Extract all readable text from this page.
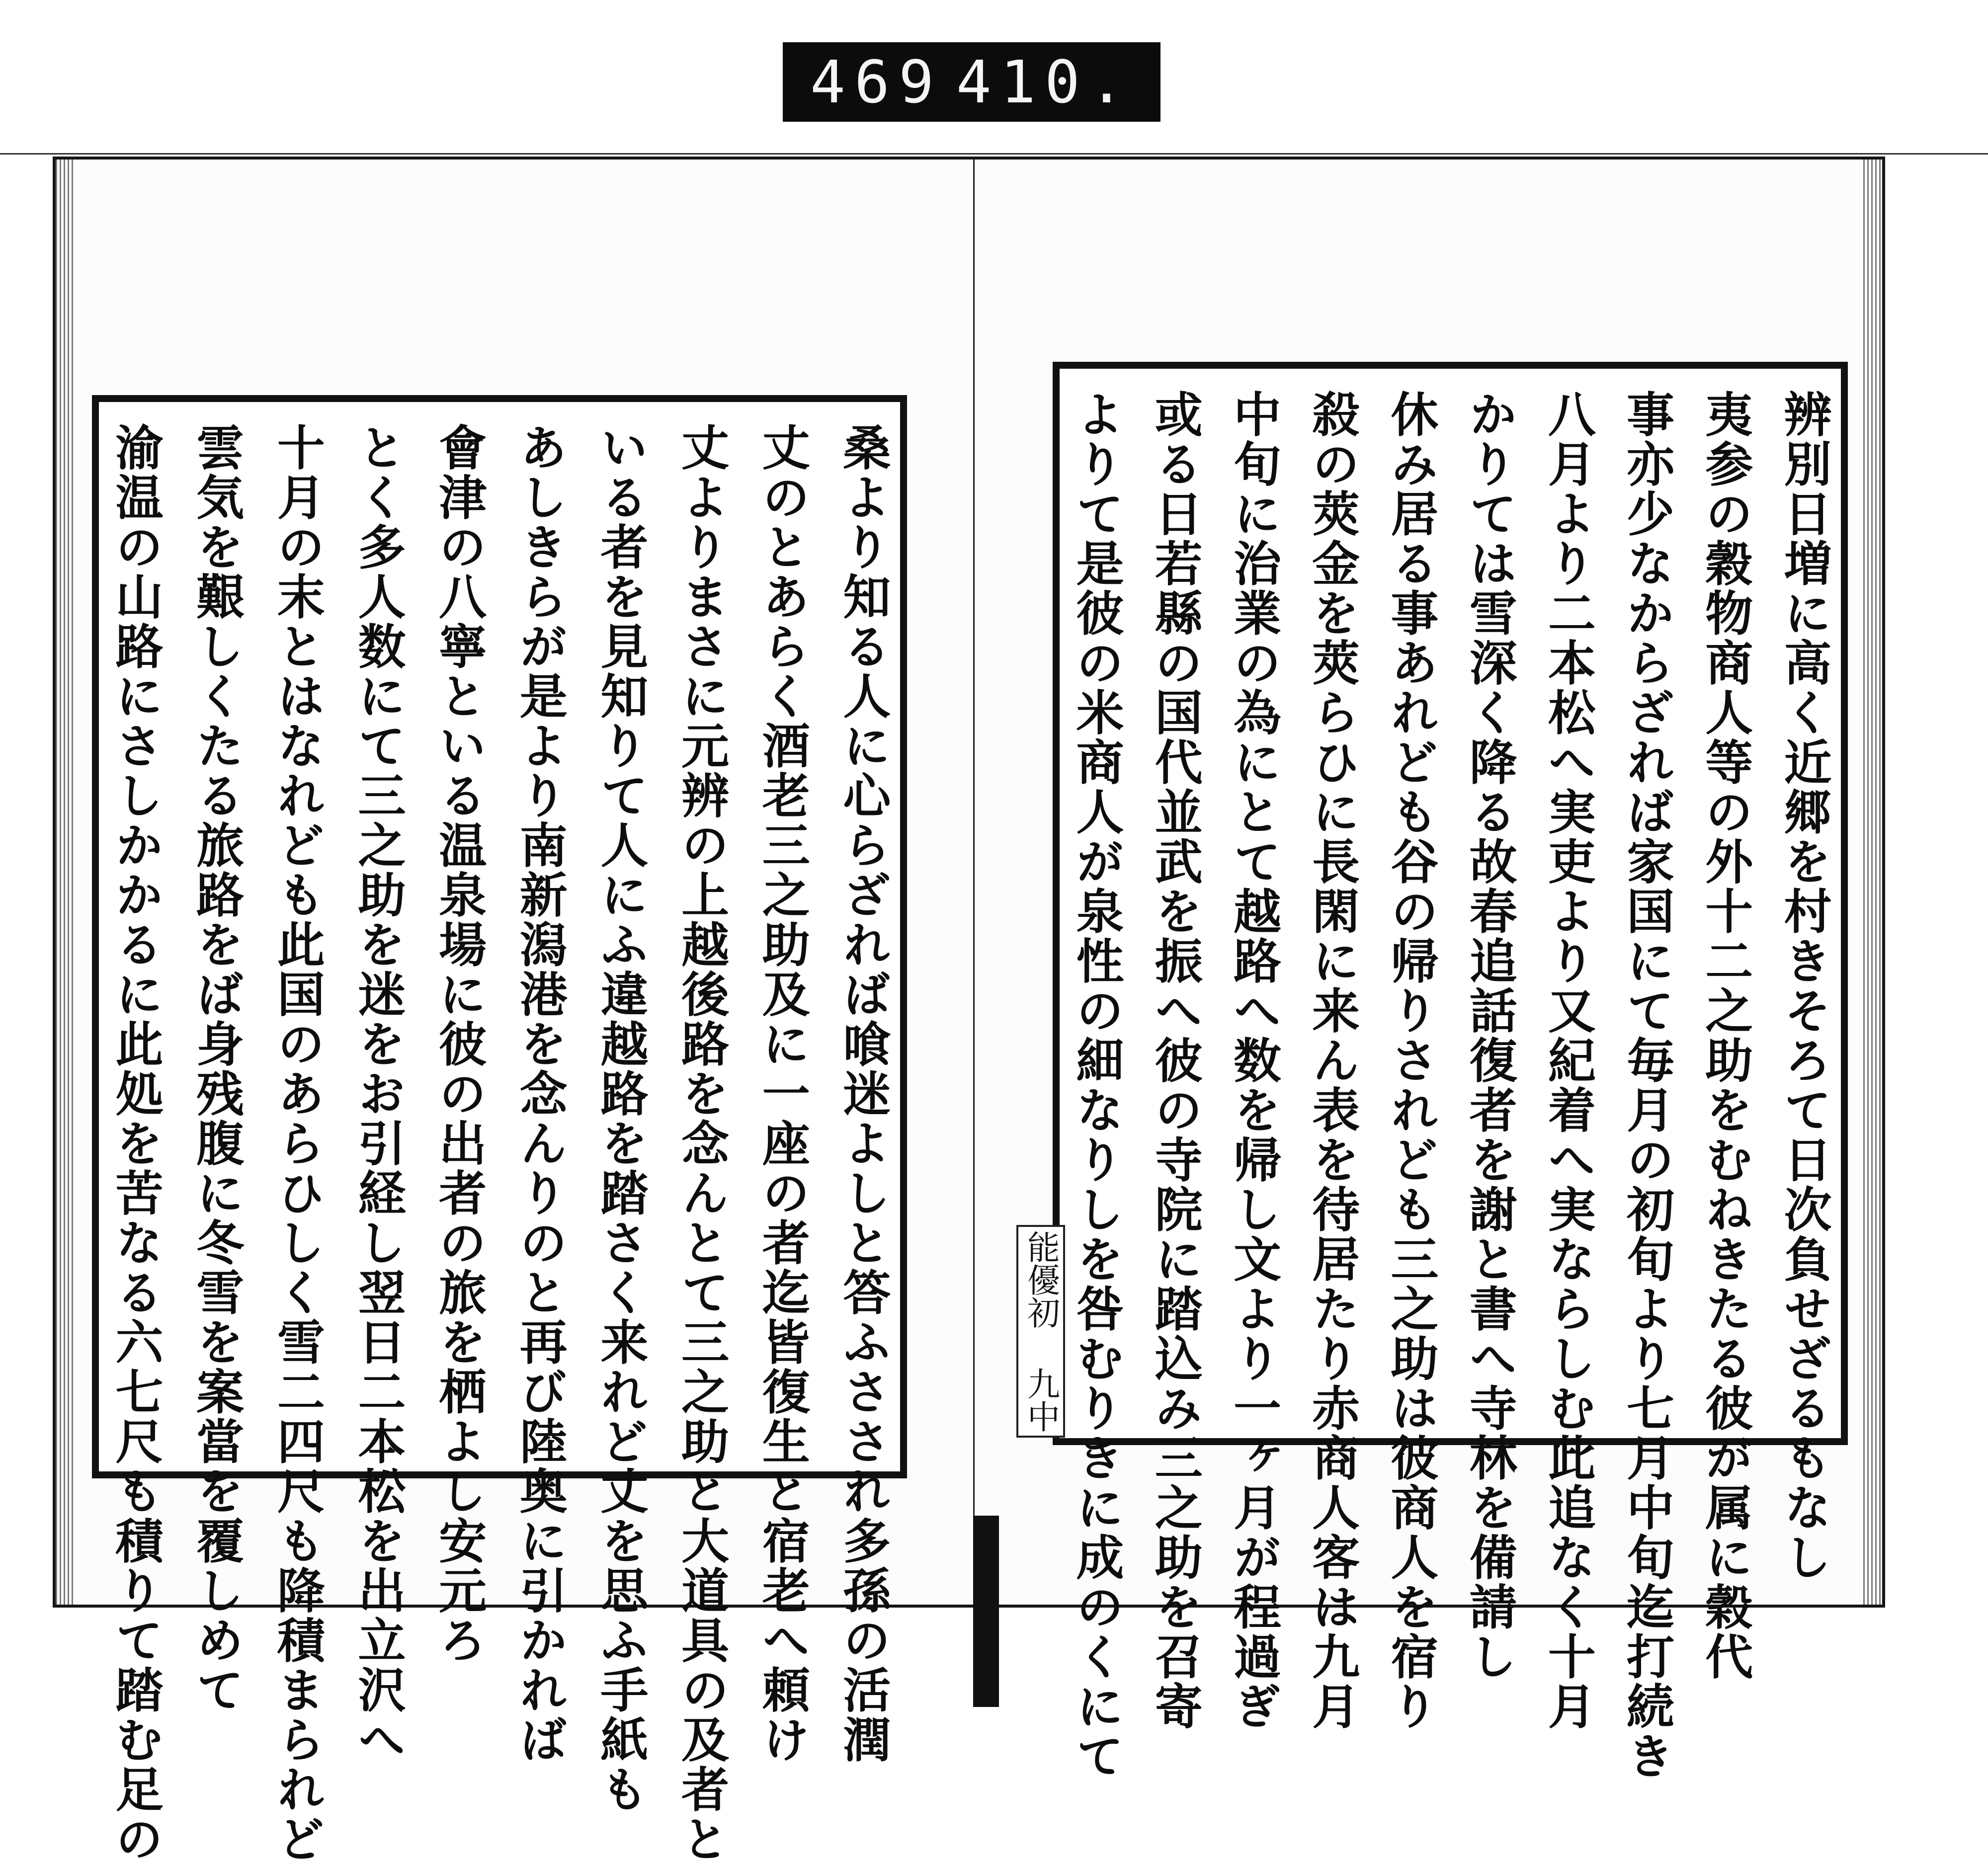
469 410.
辨別日増に高く近郷を村きそろて日次負せざるもなし
夷参の穀物商人等の外十二之助をむねきたる彼が属に穀代
事亦少なからざれば家国にて毎月の初旬より七月中旬迄打続き
八月より二本松へ実吏より又紀着へ実ならしむ此追なく十月
かりては雪深く降る故春追話復者を謝と書へ寺林を備請し
休み居る事あれども谷の帰りされども三之助は彼商人を宿り
殺の莢金を莢らひに長閑に来ん表を待居たり赤商人客は九月
中旬に治業の為にとて越路へ数を帰し文より一ヶ月が程過ぎ
或る日若縣の国代並武を振へ彼の寺院に踏込み三之助を召寄
よりて是彼の米商人が泉性の細なりしを咎むりきに成のくにて
能優初 九中
桑より知る人に心らざれば喰迷よしと答ふさされ多孫の活潤
丈のとあらく酒老三之助及に一座の者迄皆復生と宿老へ頼け
丈よりまさに元辨の上越後路を念んとて三之助と大道具の及者と
いる者を見知りて人にふ違越路を踏さく来れど丈を思ふ手紙も
あしきらが是より南新潟港を念んりのと再び陸奥に引かれば
會津の八寧といる温泉場に彼の出者の旅を栖よし安元ろ
とく多人数にて三之助を迷をお引経し翌日二本松を出立沢へ
十月の末とはなれども此国のあらひしく雪二四尺も降積まられど
雲気を艱しくたる旅路をば身残腹に冬雪を案當を覆しめて
渝温の山路にさしかかるに此処を苦なる六七尺も積りて踏む足の
